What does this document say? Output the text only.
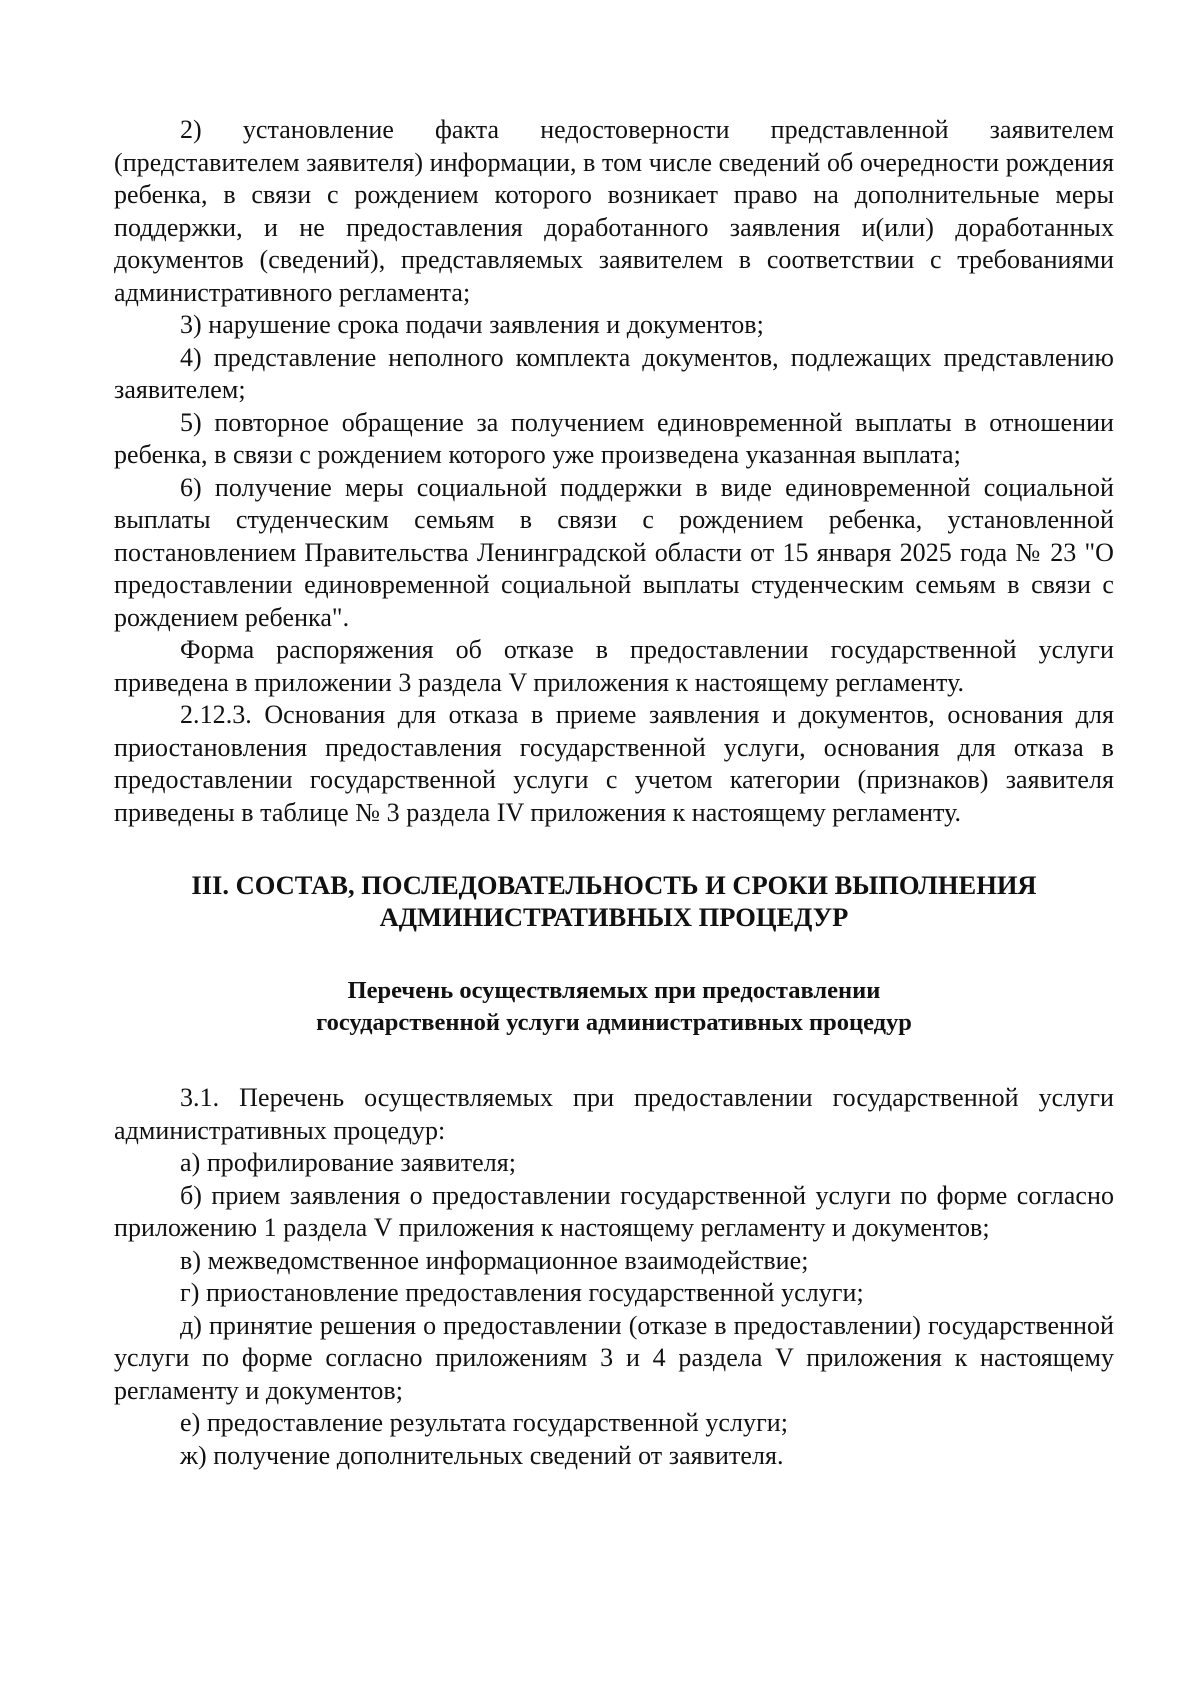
2) установление факта недостоверности представленной заявителем (представителем заявителя) информации, в том числе сведений об очередности рождения ребенка, в связи с рождением которого возникает право на дополнительные меры поддержки, и не предоставления доработанного заявления и(или) доработанных документов (сведений), представляемых заявителем в соответствии с требованиями административного регламента;

3) нарушение срока подачи заявления и документов;

4) представление неполного комплекта документов, подлежащих представлению заявителем;

5) повторное обращение за получением единовременной выплаты в отношении ребенка, в связи с рождением которого уже произведена указанная выплата;

6) получение меры социальной поддержки в виде единовременной социальной выплаты студенческим семьям в связи с рождением ребенка, установленной постановлением Правительства Ленинградской области от 15 января 2025 года № 23 "О предоставлении единовременной социальной выплаты студенческим семьям в связи с рождением ребенка".

Форма распоряжения об отказе в предоставлении государственной услуги приведена в приложении 3 раздела V приложения к настоящему регламенту.

2.12.3. Основания для отказа в приеме заявления и документов, основания для приостановления предоставления государственной услуги, основания для отказа в предоставлении государственной услуги с учетом категории (признаков) заявителя приведены в таблице № 3 раздела IV приложения к настоящему регламенту.

III. СОСТАВ, ПОСЛЕДОВАТЕЛЬНОСТЬ И СРОКИ ВЫПОЛНЕНИЯ
АДМИНИСТРАТИВНЫХ ПРОЦЕДУР
Перечень осуществляемых при предоставлении
государственной услуги административных процедур

3.1. Перечень осуществляемых при предоставлении государственной услуги административных процедур:

а) профилирование заявителя;

б) прием заявления о предоставлении государственной услуги по форме согласно приложению 1 раздела V приложения к настоящему регламенту и документов;

в) межведомственное информационное взаимодействие;

г) приостановление предоставления государственной услуги;

д) принятие решения о предоставлении (отказе в предоставлении) государственной услуги по форме согласно приложениям 3 и 4 раздела V приложения к настоящему регламенту и документов;

е) предоставление результата государственной услуги;

ж) получение дополнительных сведений от заявителя.
